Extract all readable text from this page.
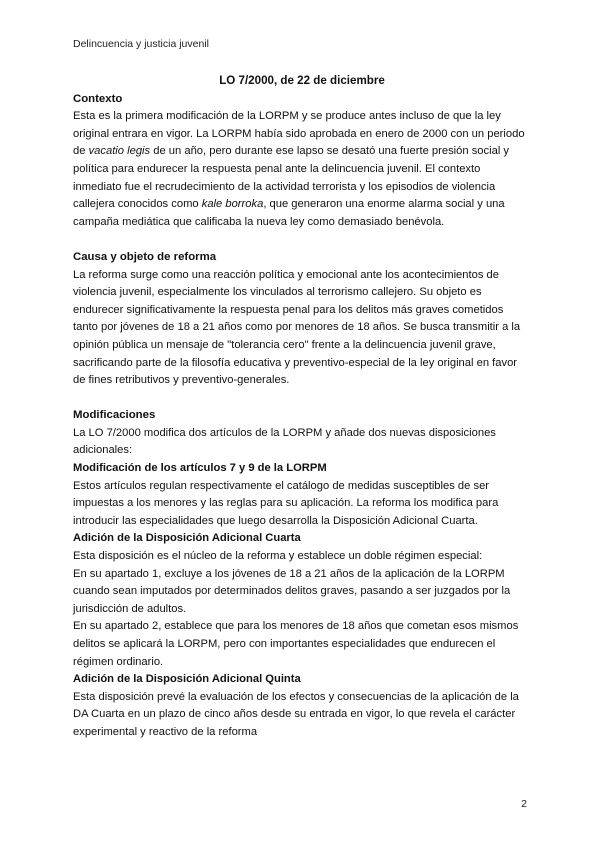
Delincuencia y justicia juvenil
LO 7/2000, de 22 de diciembre
Contexto

Esta es la primera modificación de la LORPM y se produce antes incluso de que la ley original entrara en vigor. La LORPM había sido aprobada en enero de 2000 con un periodo de vacatio legis de un año, pero durante ese lapso se desató una fuerte presión social y política para endurecer la respuesta penal ante la delincuencia juvenil. El contexto inmediato fue el recrudecimiento de la actividad terrorista y los episodios de violencia callejera conocidos como kale borroka, que generaron una enorme alarma social y una campaña mediática que calificaba la nueva ley como demasiado benévola.

Causa y objeto de reforma

La reforma surge como una reacción política y emocional ante los acontecimientos de violencia juvenil, especialmente los vinculados al terrorismo callejero. Su objeto es endurecer significativamente la respuesta penal para los delitos más graves cometidos tanto por jóvenes de 18 a 21 años como por menores de 18 años. Se busca transmitir a la opinión pública un mensaje de "tolerancia cero" frente a la delincuencia juvenil grave, sacrificando parte de la filosofía educativa y preventivo-especial de la ley original en favor de fines retributivos y preventivo-generales.

Modificaciones

La LO 7/2000 modifica dos artículos de la LORPM y añade dos nuevas disposiciones adicionales:

Modificación de los artículos 7 y 9 de la LORPM

Estos artículos regulan respectivamente el catálogo de medidas susceptibles de ser impuestas a los menores y las reglas para su aplicación. La reforma los modifica para introducir las especialidades que luego desarrolla la Disposición Adicional Cuarta.

Adición de la Disposición Adicional Cuarta

Esta disposición es el núcleo de la reforma y establece un doble régimen especial:

En su apartado 1, excluye a los jóvenes de 18 a 21 años de la aplicación de la LORPM cuando sean imputados por determinados delitos graves, pasando a ser juzgados por la jurisdicción de adultos.

En su apartado 2, establece que para los menores de 18 años que cometan esos mismos delitos se aplicará la LORPM, pero con importantes especialidades que endurecen el régimen ordinario.

Adición de la Disposición Adicional Quinta

Esta disposición prevé la evaluación de los efectos y consecuencias de la aplicación de la DA Cuarta en un plazo de cinco años desde su entrada en vigor, lo que revela el carácter experimental y reactivo de la reforma

2
